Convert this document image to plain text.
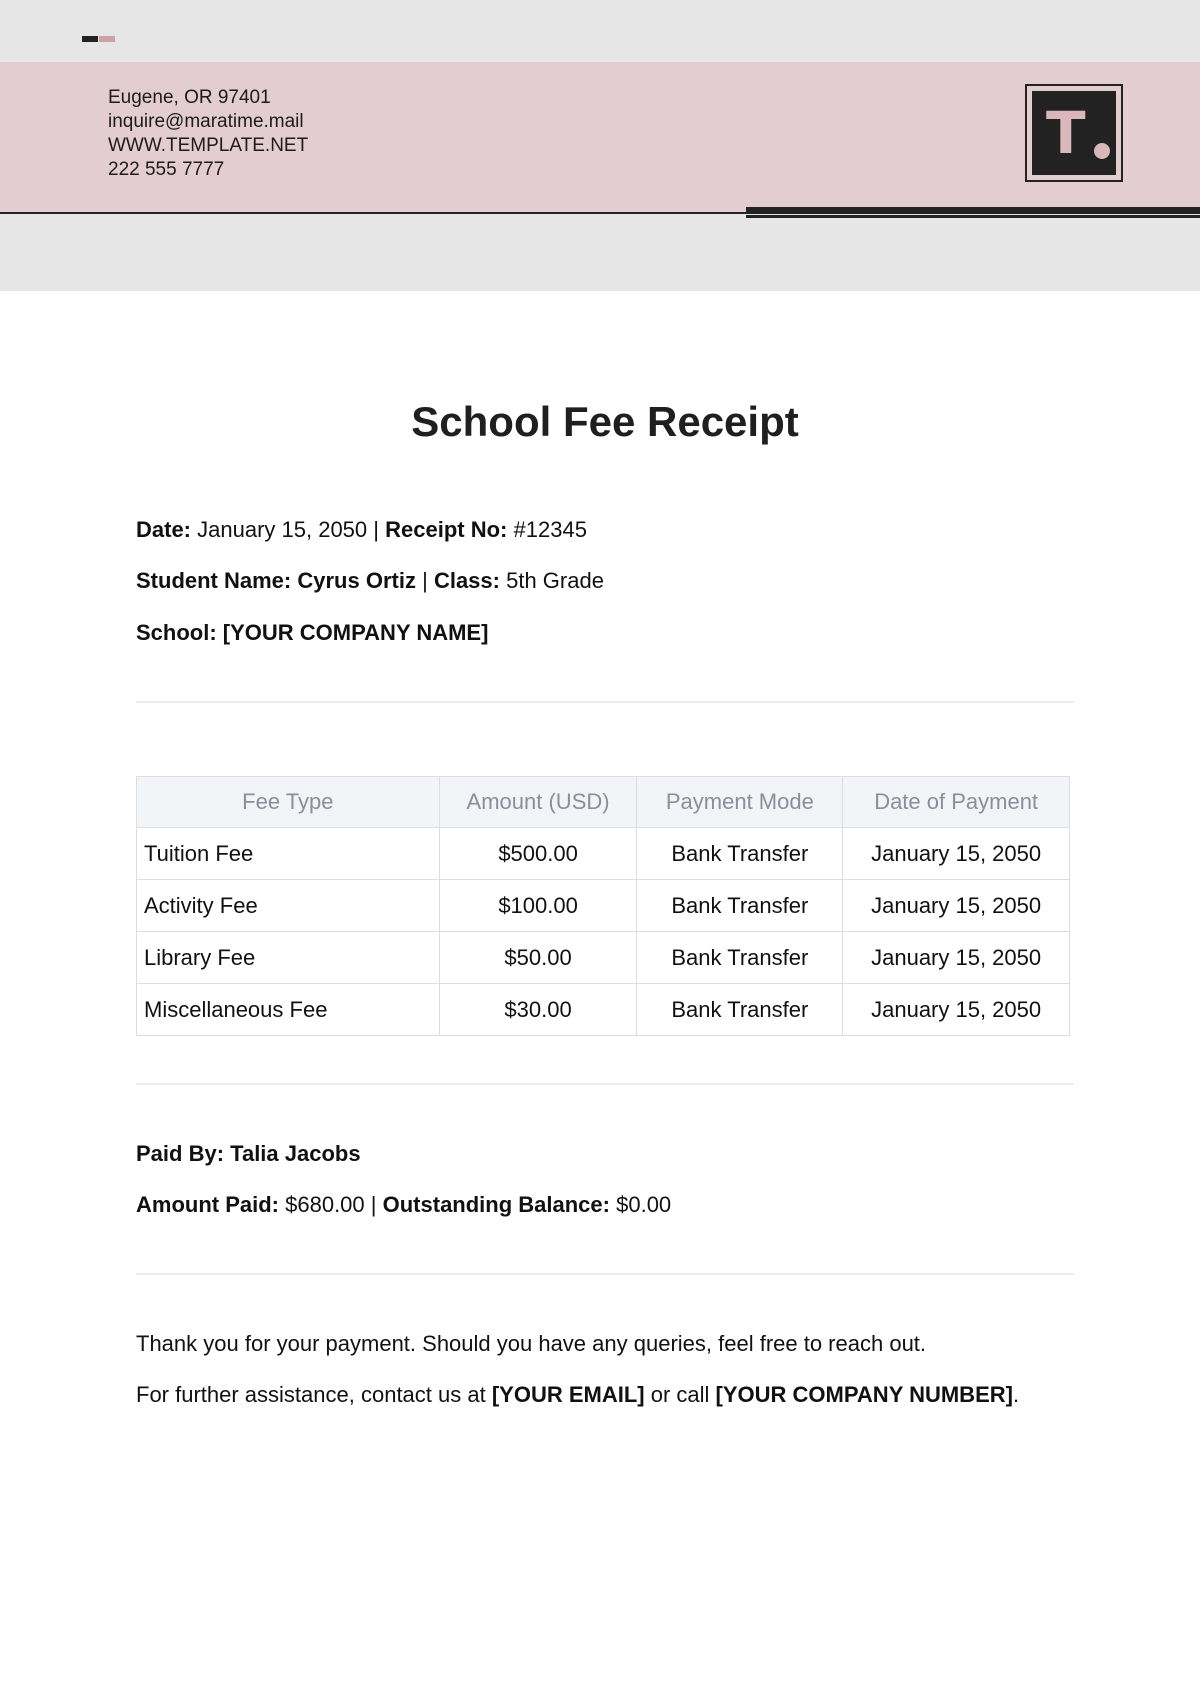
Eugene, OR 97401
inquire@maratime.mail
WWW.TEMPLATE.NET
222 555 7777
T
School Fee Receipt
Date: January 15, 2050 | Receipt No: #12345
Student Name: Cyrus Ortiz | Class: 5th Grade
School: [YOUR COMPANY NAME]
Fee Type	Amount (USD)	Payment Mode	Date of Payment
Tuition Fee	$500.00	Bank Transfer	January 15, 2050
Activity Fee	$100.00	Bank Transfer	January 15, 2050
Library Fee	$50.00	Bank Transfer	January 15, 2050
Miscellaneous Fee	$30.00	Bank Transfer	January 15, 2050
Paid By: Talia Jacobs
Amount Paid: $680.00 | Outstanding Balance: $0.00
Thank you for your payment. Should you have any queries, feel free to reach out.
For further assistance, contact us at [YOUR EMAIL] or call [YOUR COMPANY NUMBER].
